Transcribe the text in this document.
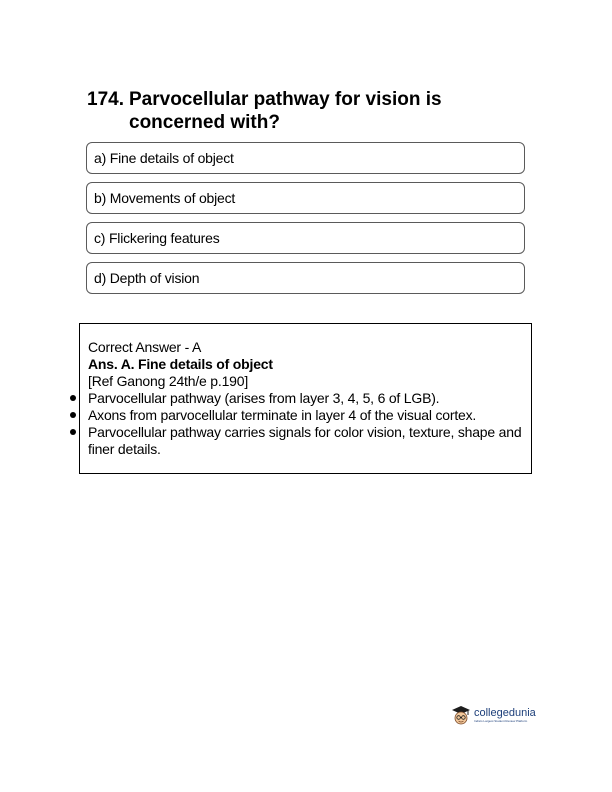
174. Parvocellular pathway for vision is concerned with?
a) Fine details of object
b) Movements of object
c) Flickering features
d) Depth of vision
Correct Answer - A
Ans. A. Fine details of object
[Ref Ganong 24th/e p.190]
Parvocellular pathway (arises from layer 3, 4, 5, 6 of LGB).
Axons from parvocellular terminate in layer 4 of the visual cortex.
Parvocellular pathway carries signals for color vision, texture, shape and finer details.
collegedunia
India's Largest Student Review Platform
